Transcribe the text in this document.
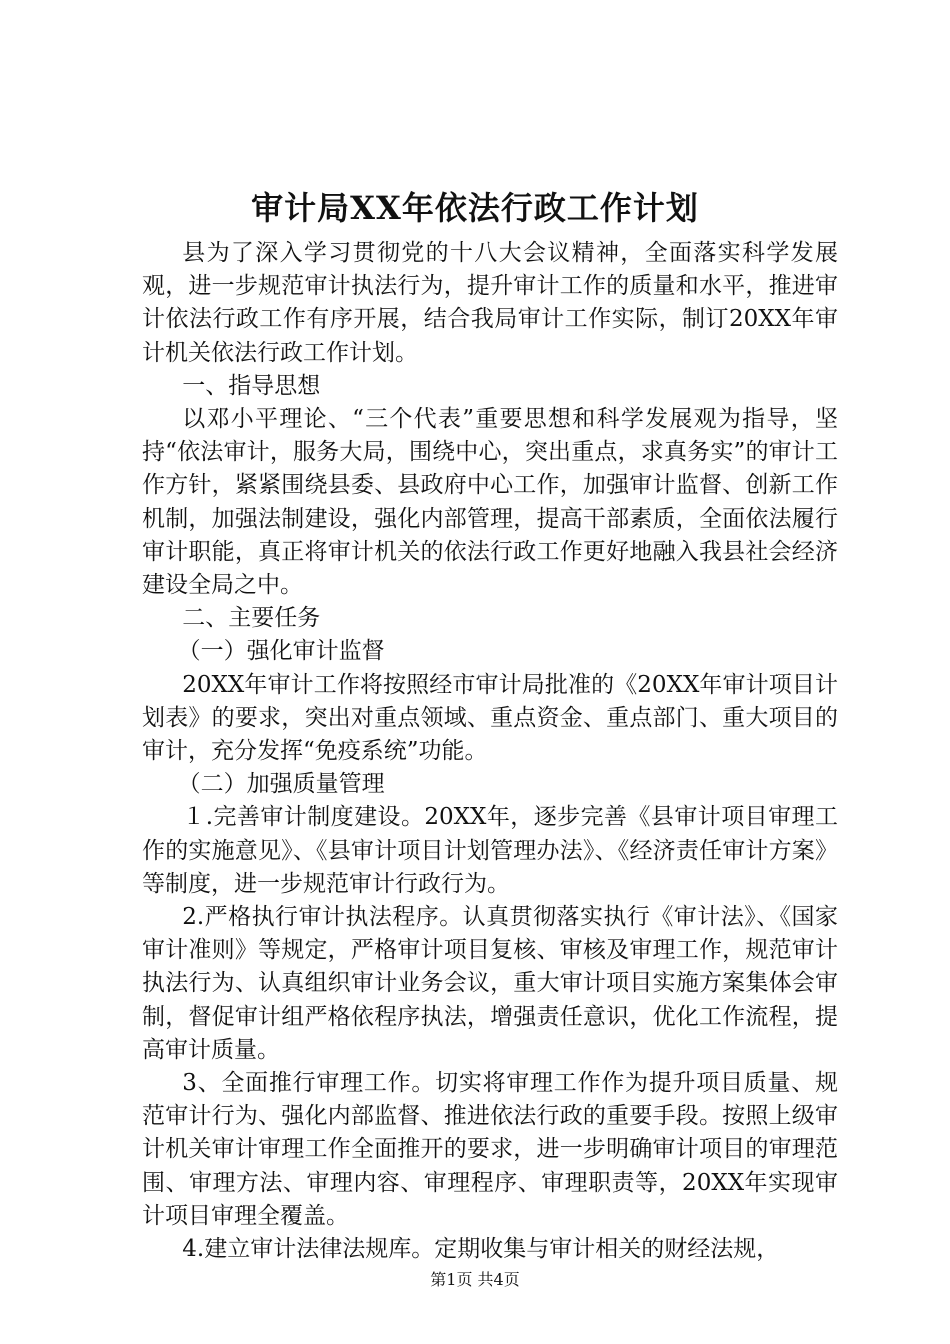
审计局XX年依法行政工作计划

县为了深入学习贯彻党的十八大会议精神，全面落实科学发展观，进一步规范审计执法行为，提升审计工作的质量和水平，推进审计依法行政工作有序开展，结合我局审计工作实际，制订20XX年审计机关依法行政工作计划。

一、指导思想

以邓小平理论、“三个代表”重要思想和科学发展观为指导，坚持“依法审计，服务大局，围绕中心，突出重点，求真务实”的审计工作方针，紧紧围绕县委、县政府中心工作，加强审计监督、创新工作机制，加强法制建设，强化内部管理，提高干部素质，全面依法履行审计职能，真正将审计机关的依法行政工作更好地融入我县社会经济建设全局之中。

二、主要任务

（一）强化审计监督

20XX年审计工作将按照经市审计局批准的《20XX年审计项目计划表》的要求，突出对重点领域、重点资金、重点部门、重大项目的审计，充分发挥“免疫系统”功能。

（二）加强质量管理

１.完善审计制度建设。20XX年，逐步完善《县审计项目审理工作的实施意见》、《县审计项目计划管理办法》、《经济责任审计方案》等制度，进一步规范审计行政行为。

2.严格执行审计执法程序。认真贯彻落实执行《审计法》、《国家审计准则》等规定，严格审计项目复核、审核及审理工作，规范审计执法行为、认真组织审计业务会议，重大审计项目实施方案集体会审制，督促审计组严格依程序执法，增强责任意识，优化工作流程，提高审计质量。

3、全面推行审理工作。切实将审理工作作为提升项目质量、规范审计行为、强化内部监督、推进依法行政的重要手段。按照上级审计机关审计审理工作全面推开的要求，进一步明确审计项目的审理范围、审理方法、审理内容、审理程序、审理职责等，20XX年实现审计项目审理全覆盖。

4.建立审计法律法规库。定期收集与审计相关的财经法规，

第1页 共4页
